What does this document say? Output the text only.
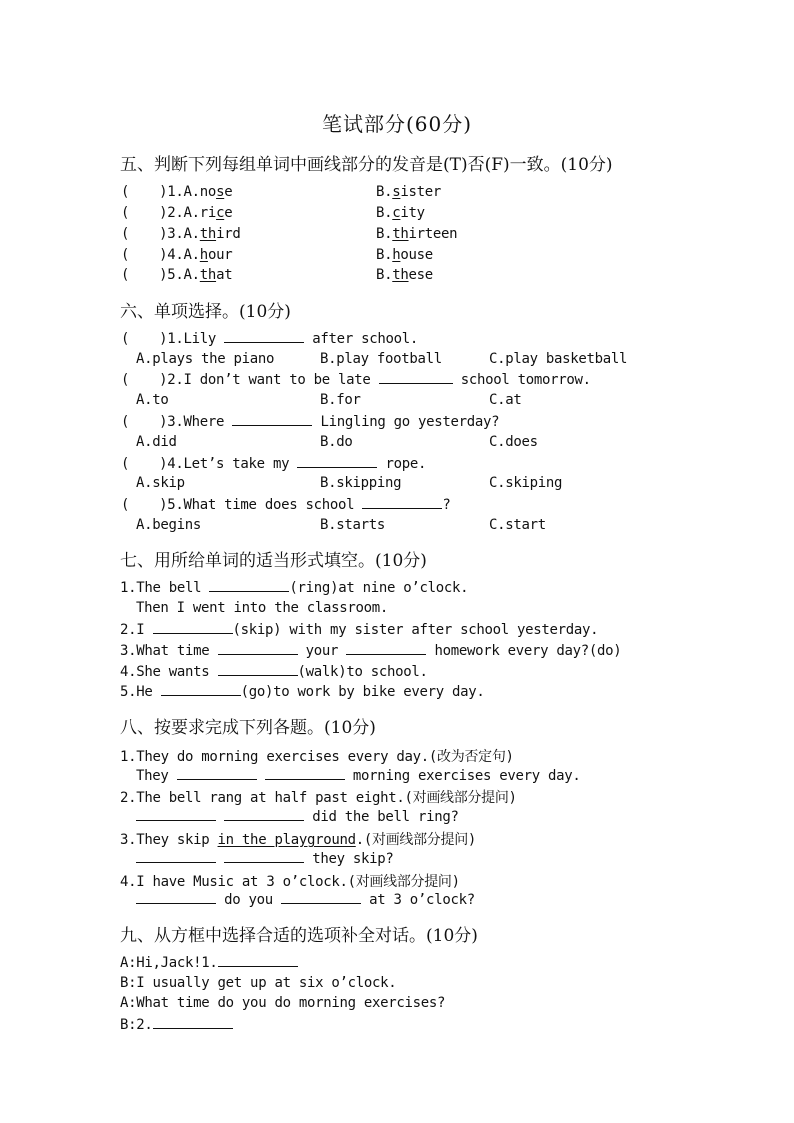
笔试部分(60分)
五、判断下列每组单词中画线部分的发音是(T)否(F)一致。(10分)
( )1.A.nose	B.sister
( )2.A.rice	B.city
( )3.A.third	B.thirteen
( )4.A.hour	B.house
( )5.A.that	B.these
六、单项选择。(10分)
( )1.Lily	after school.
A.plays the piano	B.play football	C.play basketball
( )2.I don’t want to be late	school tomorrow.
A.to	B.for	C.at
( )3.Where	Lingling go yesterday?
A.did	B.do	C.does
( )4.Let’s take my	rope.
A.skip	B.skipping	C.skiping
( )5.What time does school	?
A.begins	B.starts	C.start
七、用所给单词的适当形式填空。(10分)
1.The bell	(ring)at nine o’clock.
Then I went into the classroom.
2.I	(skip) with my sister after school yesterday.
3.What time	your	homework every day?(do)
4.She wants	(walk)to school.
5.He	(go)to work by bike every day.
八、按要求完成下列各题。(10分)
1.They do morning exercises every day.(改为否定句)
They	morning exercises every day.
2.The bell rang at half past eight.(对画线部分提问)
did the bell ring?
3.They skip in the playground.(对画线部分提问)
they skip?
4.I have Music at 3 o’clock.(对画线部分提问)
do you	at 3 o’clock?
九、从方框中选择合适的选项补全对话。(10分)
A:Hi,Jack!1.
B:I usually get up at six o’clock.
A:What time do you do morning exercises?
B:2.
